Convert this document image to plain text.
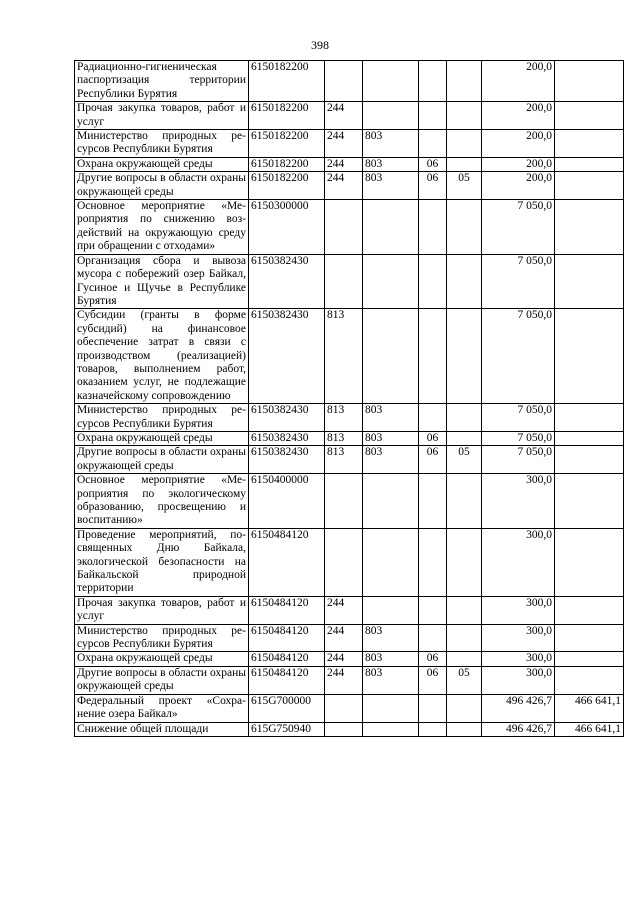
398
Радиационно-гигиеническая паспортизация территории Республики Бурятия	6150182200					200,0	
Прочая закупка товаров, работ и услуг	6150182200	244				200,0	
Министерство природных ресурсов Республики Бурятия	6150182200	244	803			200,0	
Охрана окружающей среды	6150182200	244	803	06		200,0	
Другие вопросы в области охраны окружающей среды	6150182200	244	803	06	05	200,0	
Основное мероприятие «Мероприятия по снижению воздействий на окружающую среду при обращении с отходами»	6150300000					7 050,0	
Организация сбора и вывоза мусора с побережий озер Байкал, Гусиное и Щучье в Республике Бурятия	6150382430					7 050,0	
Субсидии (гранты в форме субсидий) на финансовое обеспечение затрат в связи с производством (реализацией) товаров, выполнением работ, оказанием услуг, не подлежащие казначейскому сопровождению	6150382430	813				7 050,0	
Министерство природных ресурсов Республики Бурятия	6150382430	813	803			7 050,0	
Охрана окружающей среды	6150382430	813	803	06		7 050,0	
Другие вопросы в области охраны окружающей среды	6150382430	813	803	06	05	7 050,0	
Основное мероприятие «Мероприятия по экологическому образованию, просвещению и воспитанию»	6150400000					300,0	
Проведение мероприятий, посвященных Дню Байкала, экологической безопасности на Байкальской природной территории	6150484120					300,0	
Прочая закупка товаров, работ и услуг	6150484120	244				300,0	
Министерство природных ресурсов Республики Бурятия	6150484120	244	803			300,0	
Охрана окружающей среды	6150484120	244	803	06		300,0	
Другие вопросы в области охраны окружающей среды	6150484120	244	803	06	05	300,0	
Федеральный проект «Сохранение озера Байкал»	615G700000					496 426,7	466 641,1
Снижение общей площади	615G750940					496 426,7	466 641,1
